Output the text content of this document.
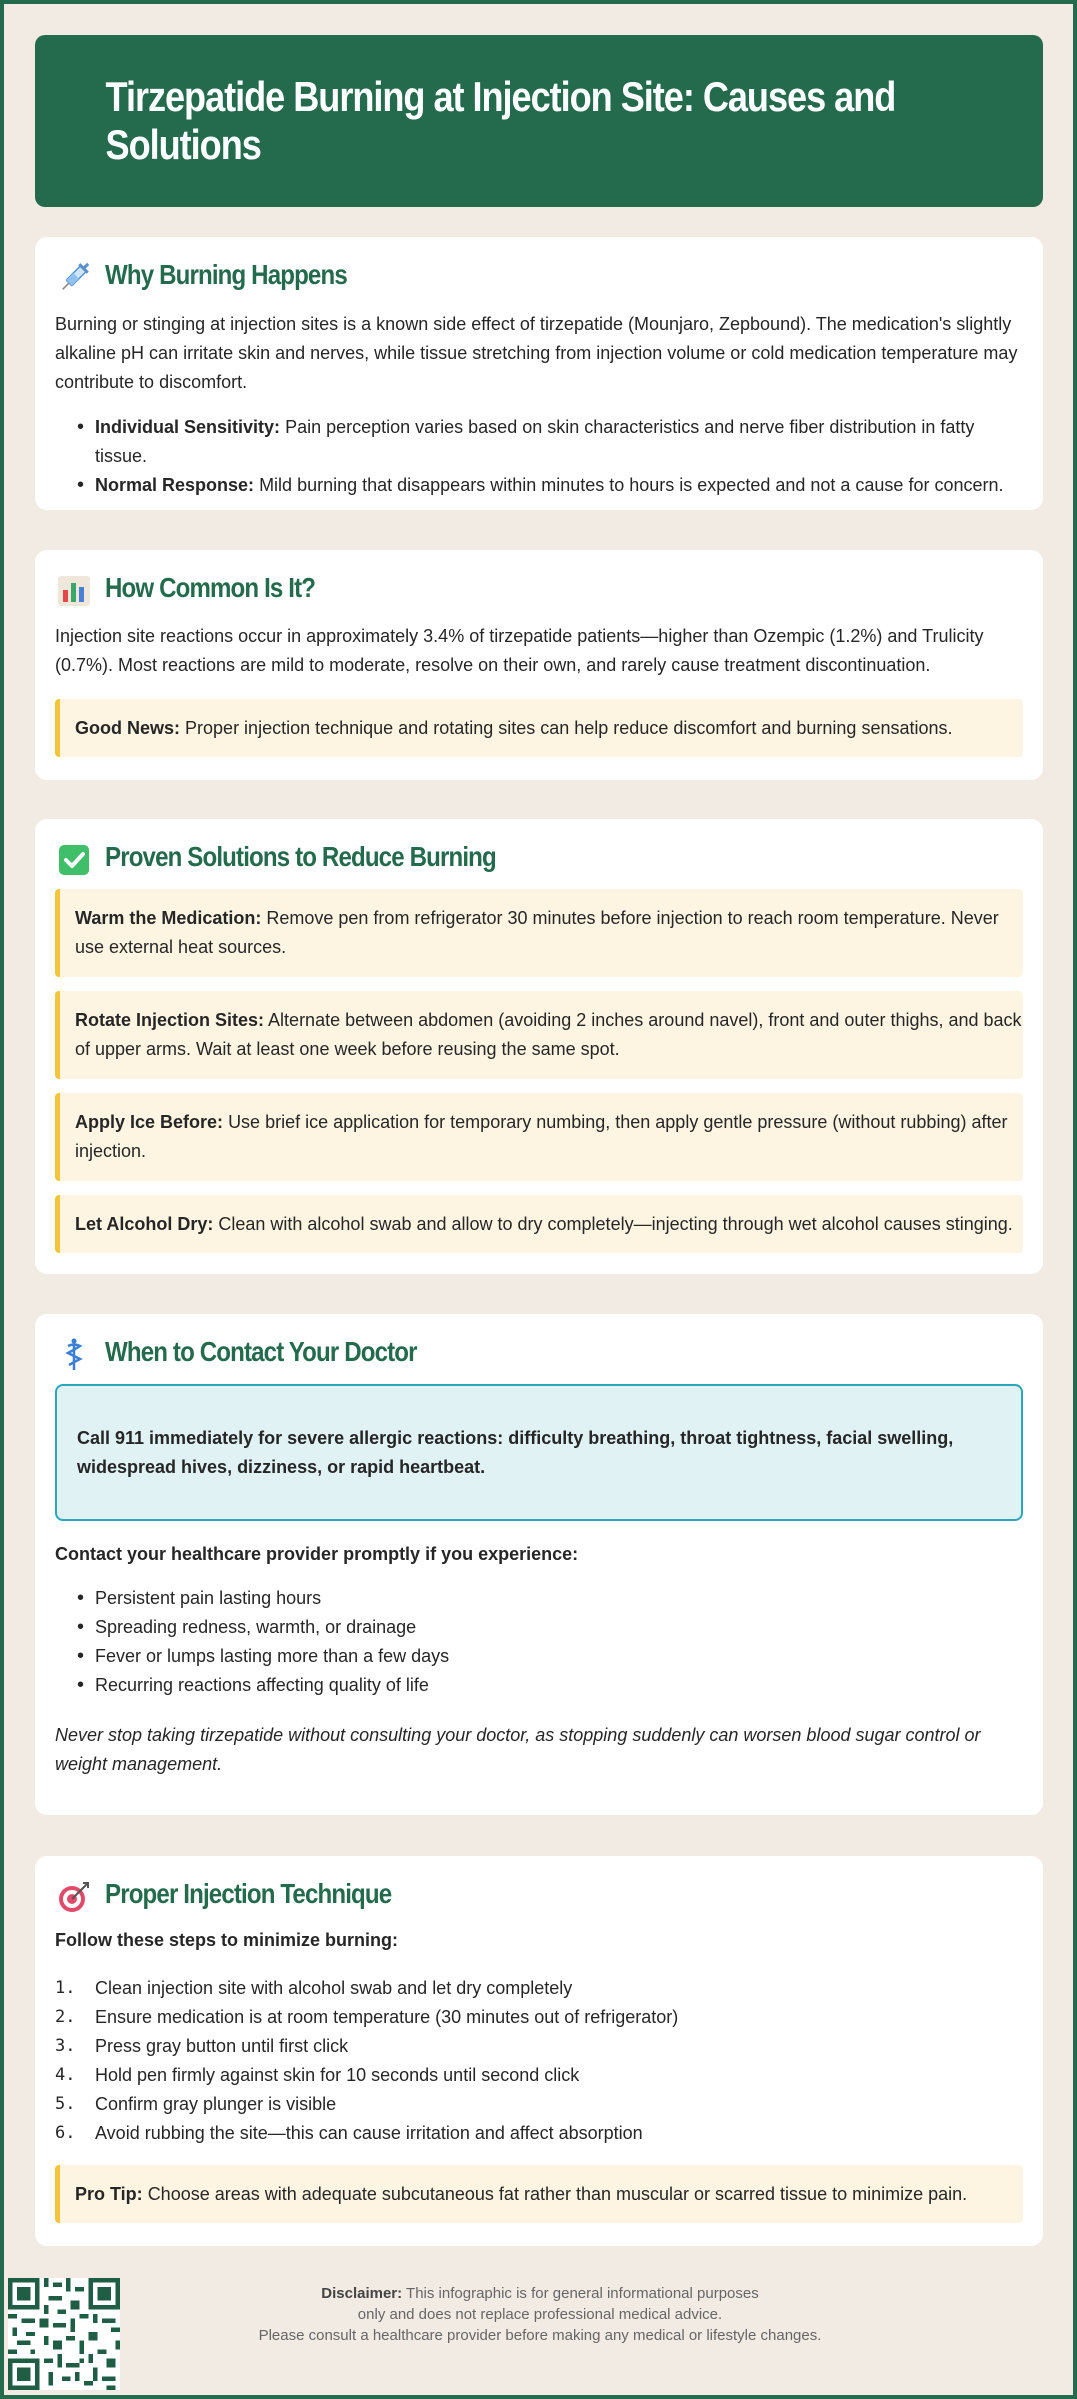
Tirzepatide Burning at Injection Site: Causes and Solutions
Why Burning Happens

Burning or stinging at injection sites is a known side effect of tirzepatide (Mounjaro, Zepbound). The medication's slightly alkaline pH can irritate skin and nerves, while tissue stretching from injection volume or cold medication temperature may contribute to discomfort.

• Individual Sensitivity: Pain perception varies based on skin characteristics and nerve fiber distribution in fatty tissue.
• Normal Response: Mild burning that disappears within minutes to hours is expected and not a cause for concern.
How Common Is It?

Injection site reactions occur in approximately 3.4% of tirzepatide patients—higher than Ozempic (1.2%) and Trulicity (0.7%). Most reactions are mild to moderate, resolve on their own, and rarely cause treatment discontinuation.

Good News: Proper injection technique and rotating sites can help reduce discomfort and burning sensations.
Proven Solutions to Reduce Burning
Warm the Medication: Remove pen from refrigerator 30 minutes before injection to reach room temperature. Never use external heat sources.
Rotate Injection Sites: Alternate between abdomen (avoiding 2 inches around navel), front and outer thighs, and back of upper arms. Wait at least one week before reusing the same spot.
Apply Ice Before: Use brief ice application for temporary numbing, then apply gentle pressure (without rubbing) after injection.
Let Alcohol Dry: Clean with alcohol swab and allow to dry completely—injecting through wet alcohol causes stinging.
When to Contact Your Doctor
Call 911 immediately for severe allergic reactions: difficulty breathing, throat tightness, facial swelling, widespread hives, dizziness, or rapid heartbeat.

Contact your healthcare provider promptly if you experience:

• Persistent pain lasting hours
• Spreading redness, warmth, or drainage
• Fever or lumps lasting more than a few days
• Recurring reactions affecting quality of life

Never stop taking tirzepatide without consulting your doctor, as stopping suddenly can worsen blood sugar control or weight management.

Proper Injection Technique

Follow these steps to minimize burning:

1.	Clean injection site with alcohol swab and let dry completely
2.	Ensure medication is at room temperature (30 minutes out of refrigerator)
3.	Press gray button until first click
4.	Hold pen firmly against skin for 10 seconds until second click
5.	Confirm gray plunger is visible
6.	Avoid rubbing the site—this can cause irritation and affect absorption
Pro Tip: Choose areas with adequate subcutaneous fat rather than muscular or scarred tissue to minimize pain.
Disclaimer: This infographic is for general informational purposes
only and does not replace professional medical advice.
Please consult a healthcare provider before making any medical or lifestyle changes.
